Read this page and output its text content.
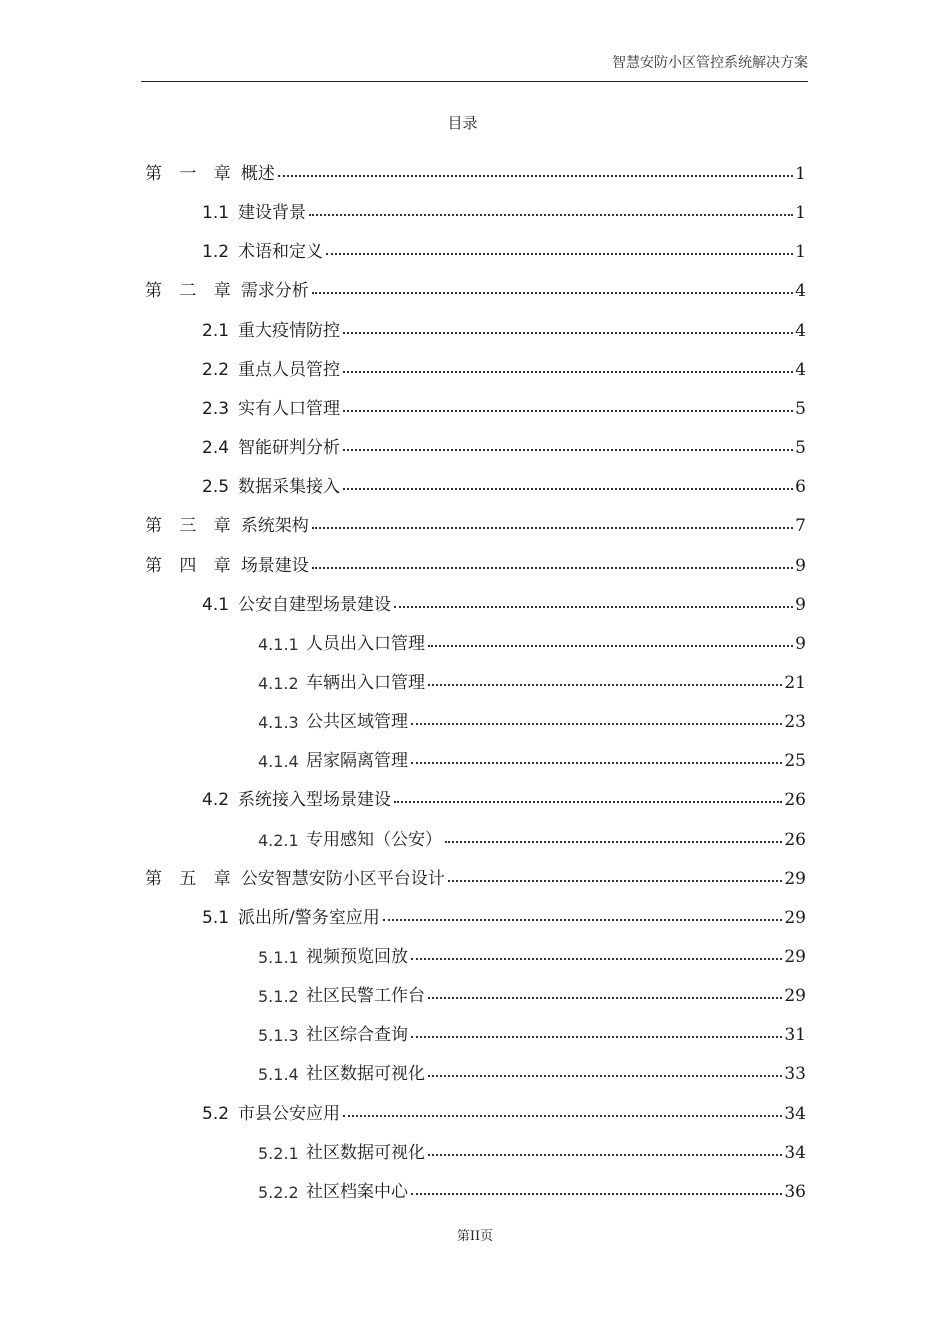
智慧安防小区管控系统解决方案
目录
第 一 章 概述	1
1.1 建设背景	1
1.2 术语和定义	1
第 二 章 需求分析	4
2.1 重大疫情防控	4
2.2 重点人员管控	4
2.3 实有人口管理	5
2.4 智能研判分析	5
2.5 数据采集接入	6
第 三 章 系统架构	7
第 四 章 场景建设	9
4.1 公安自建型场景建设	9
4.1.1 人员出入口管理	9
4.1.2 车辆出入口管理	21
4.1.3 公共区域管理	23
4.1.4 居家隔离管理	25
4.2 系统接入型场景建设	26
4.2.1 专用感知（公安）	26
第 五 章 公安智慧安防小区平台设计	29
5.1 派出所/警务室应用	29
5.1.1 视频预览回放	29
5.1.2 社区民警工作台	29
5.1.3 社区综合查询	31
5.1.4 社区数据可视化	33
5.2 市县公安应用	34
5.2.1 社区数据可视化	34
5.2.2 社区档案中心	36
第II页
